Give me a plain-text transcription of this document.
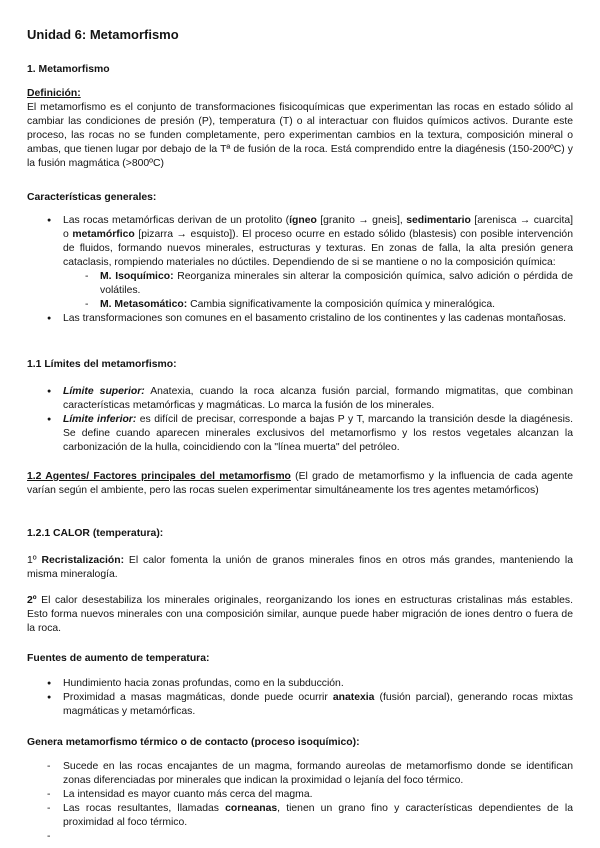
Unidad 6: Metamorfismo
1. Metamorfismo
Definición:
El metamorfismo es el conjunto de transformaciones fisicoquímicas que experimentan las rocas en estado sólido al cambiar las condiciones de presión (P), temperatura (T) o al interactuar con fluidos químicos activos. Durante este proceso, las rocas no se funden completamente, pero experimentan cambios en la textura, composición mineral o ambas, que tienen lugar por debajo de la Tª de fusión de la roca. Está comprendido entre la diagénesis (150-200ºC) y la fusión magmática (>800ºC)
Características generales:
● Las rocas metamórficas derivan de un protolito (ígneo [granito → gneis], sedimentario [arenisca → cuarcita] o metamórfico [pizarra → esquisto]). El proceso ocurre en estado sólido (blastesis) con posible intervención de fluidos, formando nuevos minerales, estructuras y texturas. En zonas de falla, la alta presión genera cataclasis, rompiendo materiales no dúctiles. Dependiendo de si se mantiene o no la composición química:
- M. Isoquímico: Reorganiza minerales sin alterar la composición química, salvo adición o pérdida de volátiles.
- M. Metasomático: Cambia significativamente la composición química y mineralógica.
● Las transformaciones son comunes en el basamento cristalino de los continentes y las cadenas montañosas.
1.1 Límites del metamorfismo:
● Límite superior: Anatexia, cuando la roca alcanza fusión parcial, formando migmatitas, que combinan características metamórficas y magmáticas. Lo marca la fusión de los minerales.
● Límite inferior: es difícil de precisar, corresponde a bajas P y T, marcando la transición desde la diagénesis. Se define cuando aparecen minerales exclusivos del metamorfismo y los restos vegetales alcanzan la carbonización de la hulla, coincidiendo con la "línea muerta" del petróleo.
1.2 Agentes/ Factores principales del metamorfismo (El grado de metamorfismo y la influencia de cada agente varían según el ambiente, pero las rocas suelen experimentar simultáneamente los tres agentes metamórficos)
1.2.1 CALOR (temperatura):
1º Recristalización: El calor fomenta la unión de granos minerales finos en otros más grandes, manteniendo la misma mineralogía.
2º El calor desestabiliza los minerales originales, reorganizando los iones en estructuras cristalinas más estables. Esto forma nuevos minerales con una composición similar, aunque puede haber migración de iones dentro o fuera de la roca.
Fuentes de aumento de temperatura:
● Hundimiento hacia zonas profundas, como en la subducción.
● Proximidad a masas magmáticas, donde puede ocurrir anatexia (fusión parcial), generando rocas mixtas magmáticas y metamórficas.
Genera metamorfismo térmico o de contacto (proceso isoquímico):
- Sucede en las rocas encajantes de un magma, formando aureolas de metamorfismo donde se identifican zonas diferenciadas por minerales que indican la proximidad o lejanía del foco térmico.
- La intensidad es mayor cuanto más cerca del magma.
- Las rocas resultantes, llamadas corneanas, tienen un grano fino y características dependientes de la proximidad al foco térmico.
-
